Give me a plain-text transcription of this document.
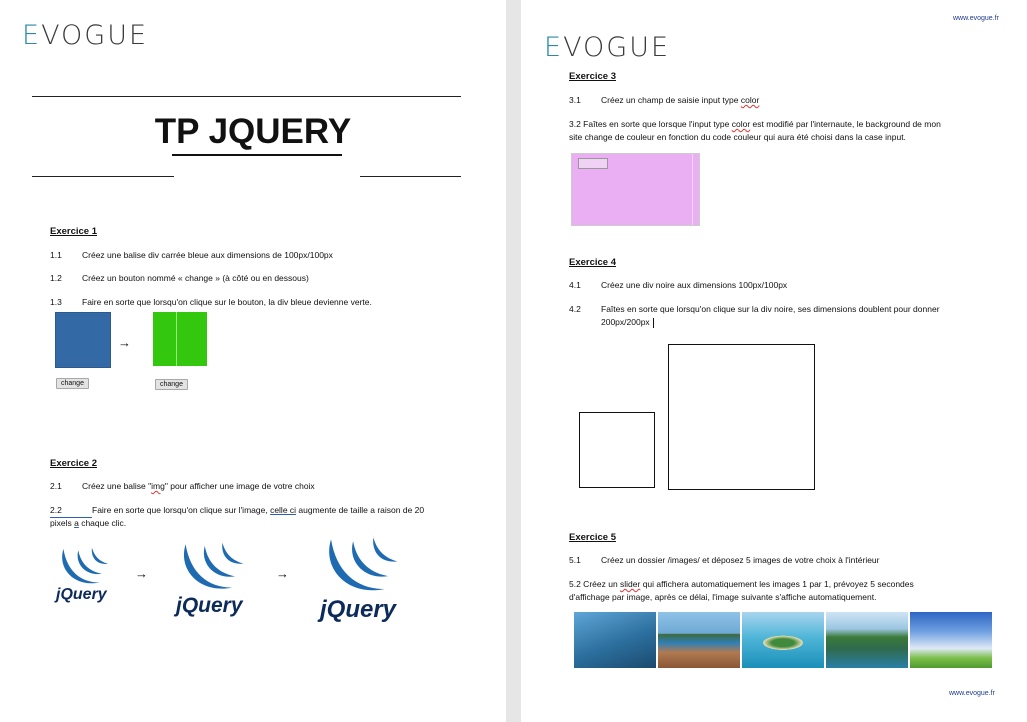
EVOGUE
TP JQUERY
Exercice 1
1.1 Créez une balise div carrée bleue aux dimensions de 100px/100px
1.2 Créez un bouton nommé « change » (à côté ou en dessous)
1.3 Faire en sorte que lorsqu'on clique sur le bouton, la div bleue devienne verte.
→
change	change
Exercice 2
2.1 Créez une balise "img" pour afficher une image de votre choix
2.2	Faire en sorte que lorsqu'on clique sur l'image, celle ci augmente de taille a raison de 20
pixels a chaque clic.
jQuery
→
jQuery
→
jQuery
www.evogue.fr
EVOGUE
Exercice 3
3.1 Créez un champ de saisie input type color
3.2 Faîtes en sorte que lorsque l'input type color est modifié par l'internaute, le background de mon
site change de couleur en fonction du code couleur qui aura été choisi dans la case input.
Exercice 4
4.1 Créez une div noire aux dimensions 100px/100px
4.2 Faîtes en sorte que lorsqu'on clique sur la div noire, ses dimensions doublent pour donner
200px/200px
Exercice 5
5.1 Créez un dossier /images/ et déposez 5 images de votre choix à l'intérieur
5.2 Créez un slider qui affichera automatiquement les images 1 par 1, prévoyez 5 secondes
d'affichage par image, après ce délai, l'image suivante s'affiche automatiquement.
www.evogue.fr
